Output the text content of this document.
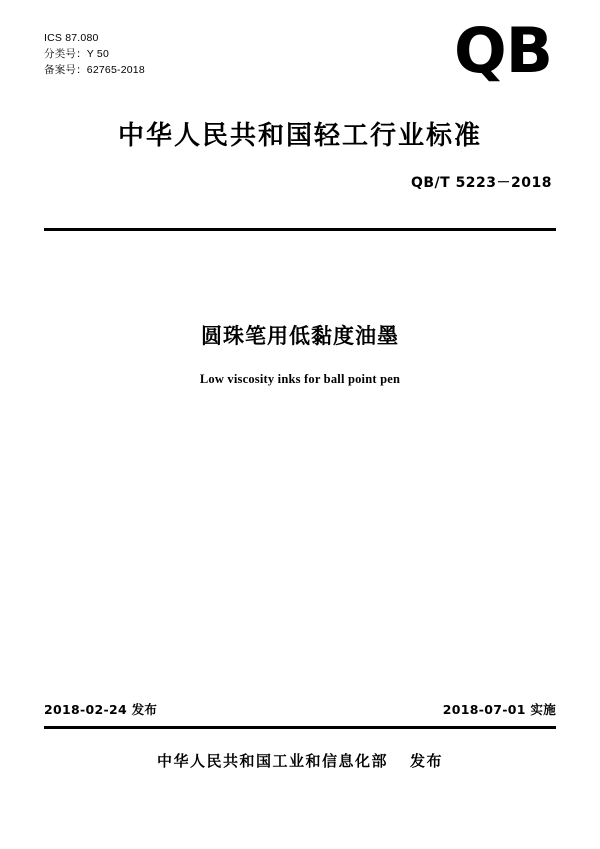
ICS 87.080
分类号：Y 50
备案号：62765-2018	QB
中华人民共和国轻工行业标准
QB/T 5223－2018
圆珠笔用低黏度油墨
Low viscosity inks for ball point pen
2018-02-24 发布	2018-07-01 实施
中华人民共和国工业和信息化部 发布
